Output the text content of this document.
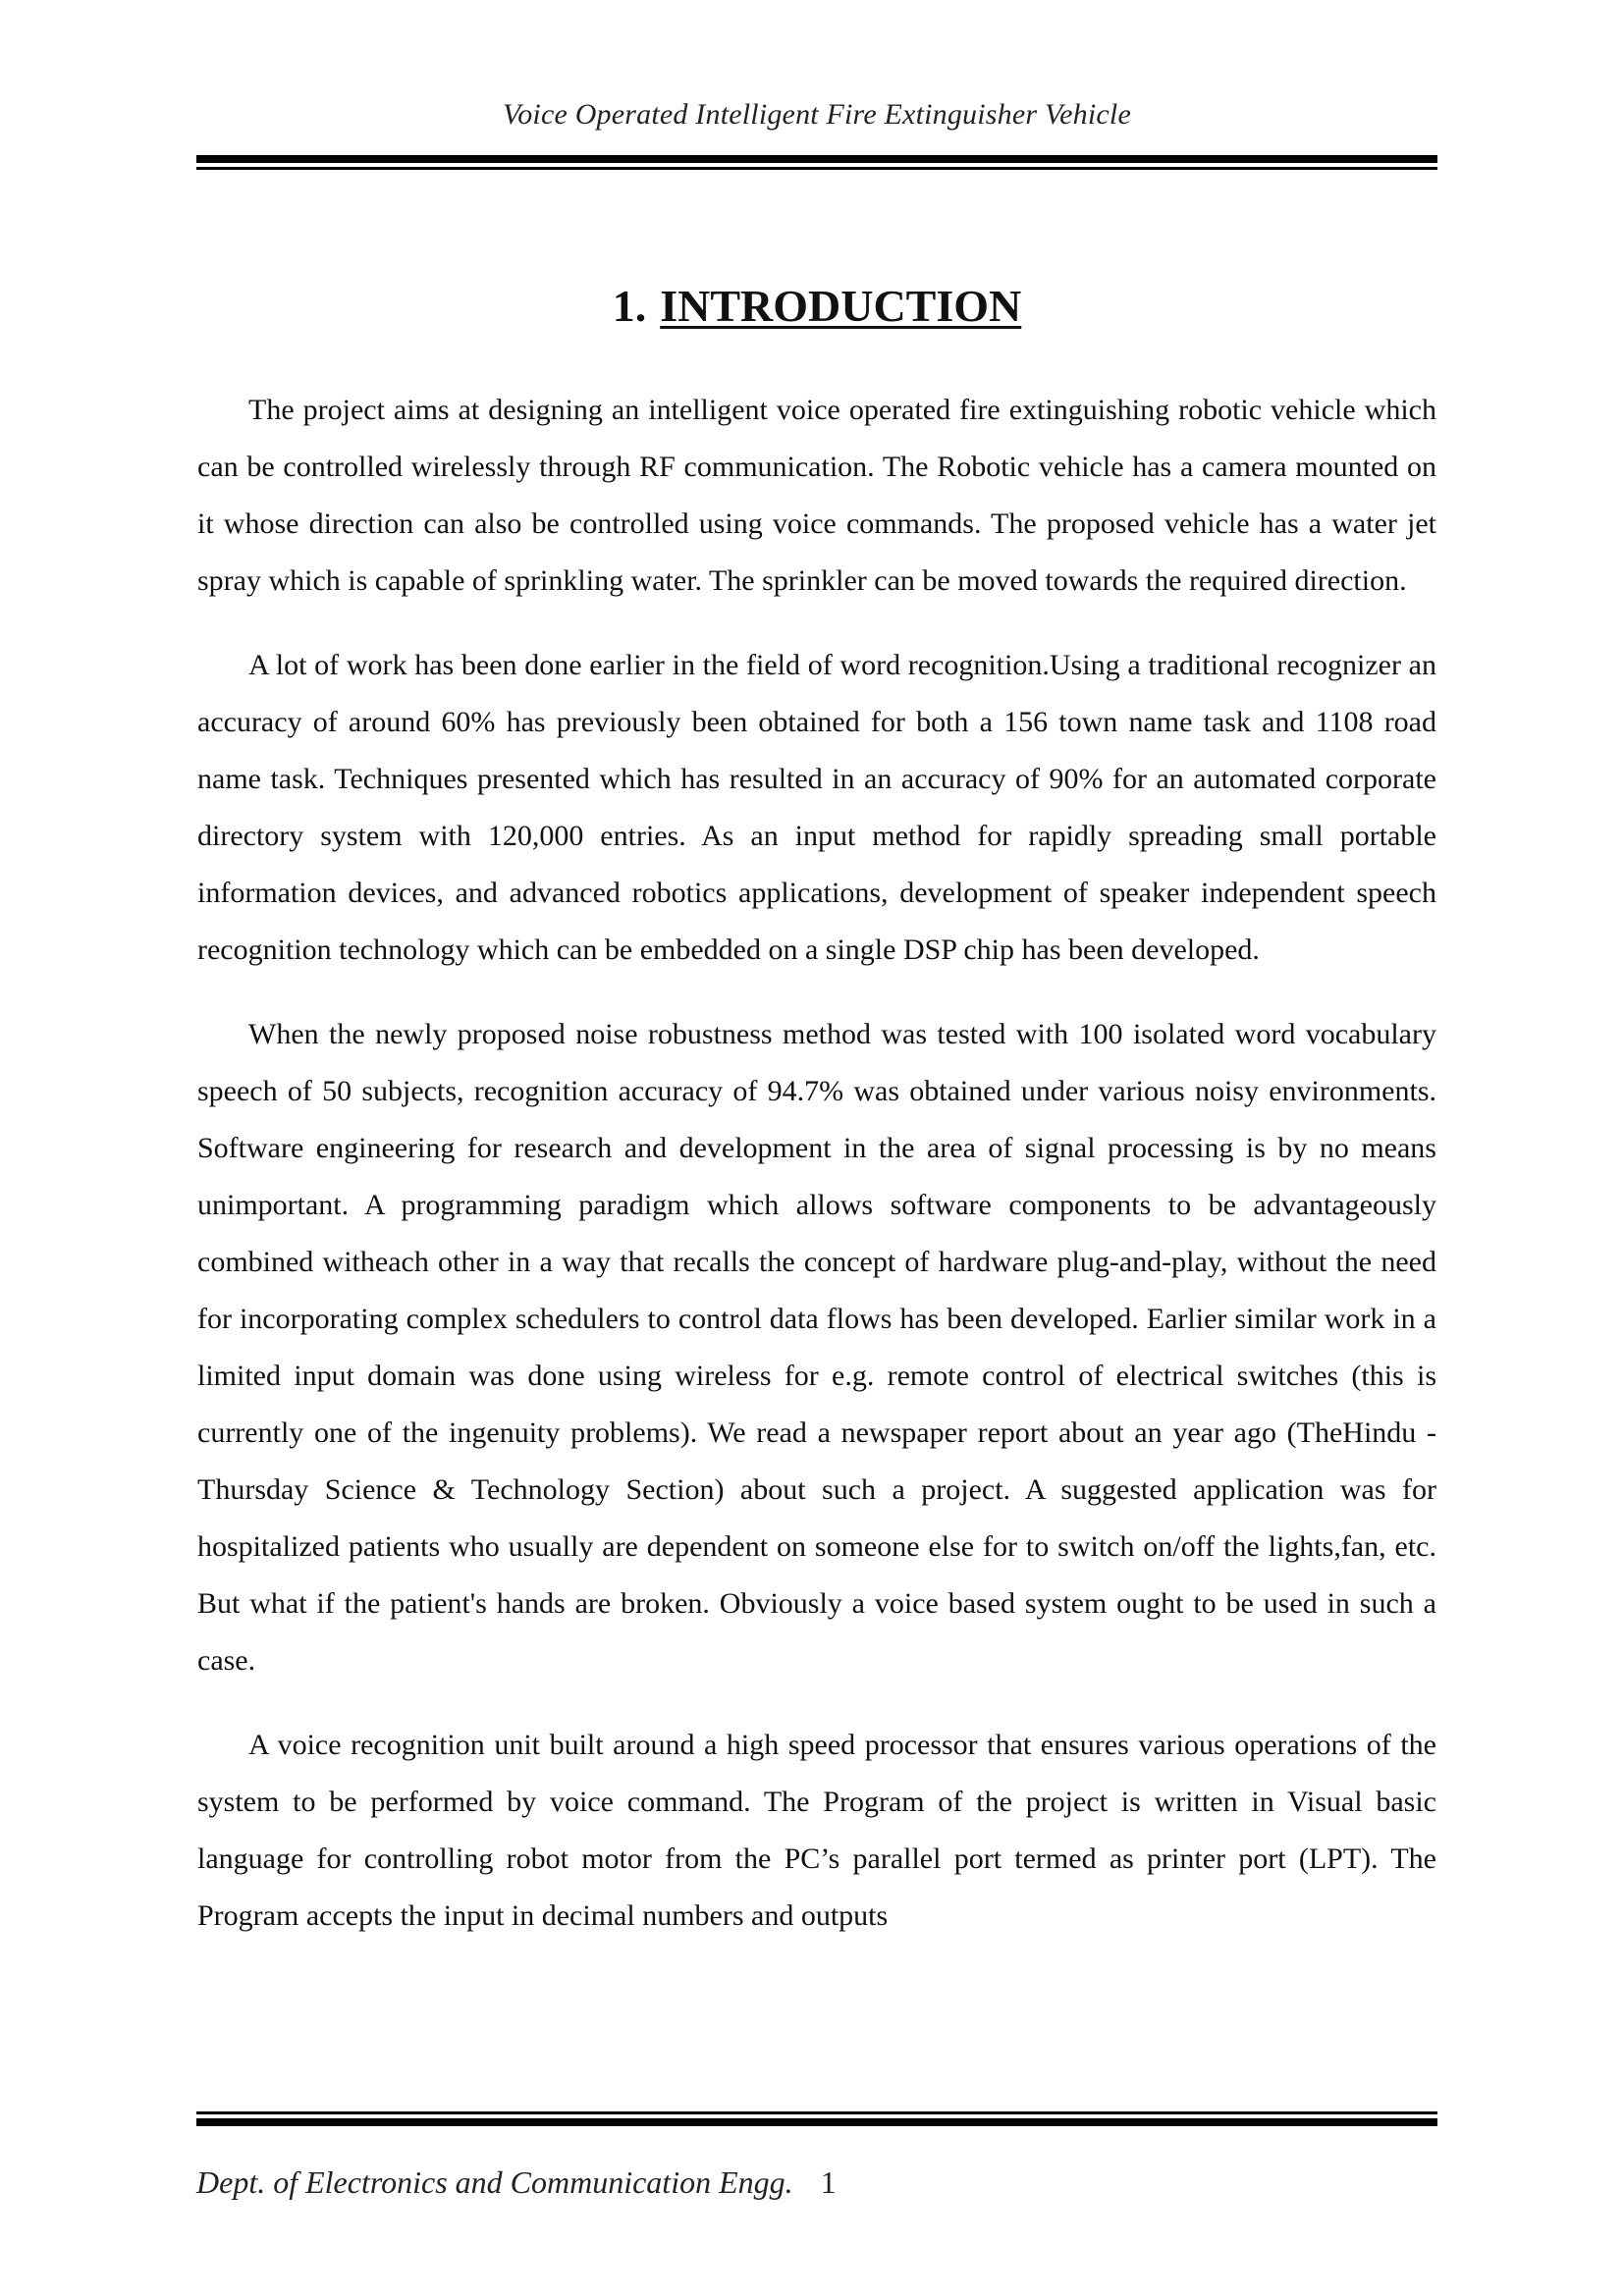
Voice Operated Intelligent Fire Extinguisher Vehicle
1. INTRODUCTION

The project aims at designing an intelligent voice operated fire extinguishing robotic vehicle which can be controlled wirelessly through RF communication. The Robotic vehicle has a camera mounted on it whose direction can also be controlled using voice commands. The proposed vehicle has a water jet spray which is capable of sprinkling water. The sprinkler can be moved towards the required direction.

A lot of work has been done earlier in the field of word recognition.Using a traditional recognizer an accuracy of around 60% has previously been obtained for both a 156 town name task and 1108 road name task. Techniques presented which has resulted in an accuracy of 90% for an automated corporate directory system with 120,000 entries. As an input method for rapidly spreading small portable information devices, and advanced robotics applications, development of speaker independent speech recognition technology which can be embedded on a single DSP chip has been developed.

When the newly proposed noise robustness method was tested with 100 isolated word vocabulary speech of 50 subjects, recognition accuracy of 94.7% was obtained under various noisy environments. Software engineering for research and development in the area of signal processing is by no means unimportant. A programming paradigm which allows software components to be advantageously combined witheach other in a way that recalls the concept of hardware plug-and-play, without the need for incorporating complex schedulers to control data flows has been developed. Earlier similar work in a limited input domain was done using wireless for e.g. remote control of electrical switches (this is currently one of the ingenuity problems). We read a newspaper report about an year ago (TheHindu - Thursday Science & Technology Section) about such a project. A suggested application was for hospitalized patients who usually are dependent on someone else for to switch on/off the lights,fan, etc. But what if the patient's hands are broken. Obviously a voice based system ought to be used in such a case.

A voice recognition unit built around a high speed processor that ensures various operations of the system to be performed by voice command. The Program of the project is written in Visual basic language for controlling robot motor from the PC’s parallel port termed as printer port (LPT). The Program accepts the input in decimal numbers and outputs

Dept. of Electronics and Communication Engg. 1
